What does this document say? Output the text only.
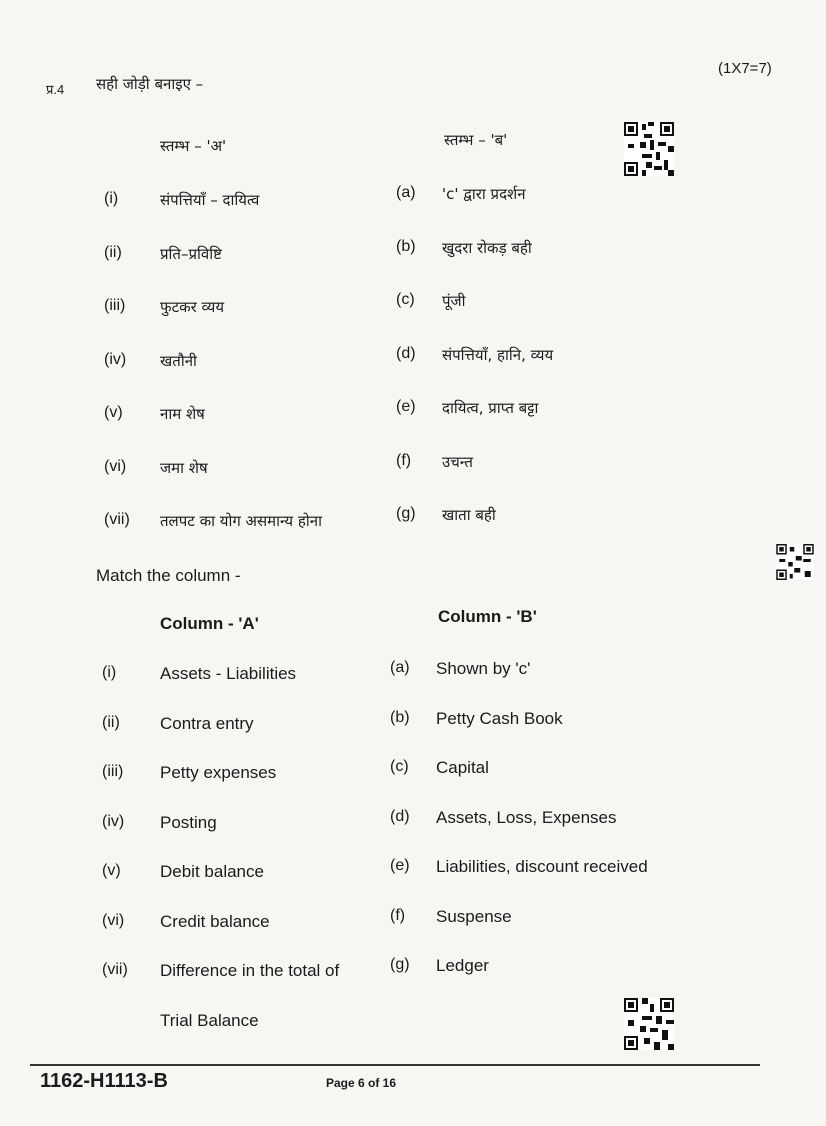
प्र.4 सही जोड़ी बनाइए –
(1X7=7)
स्तम्भ – 'अ'	स्तम्भ – 'ब'
(i)	संपत्तियाँ – दायित्व	(a) 'c' द्वारा प्रदर्शन
(ii)	प्रति–प्रविष्टि	(b) खुदरा रोकड़ बही
(iii) फुटकर व्यय	(c) पूंजी
(iv) खतौनी	(d) संपत्तियाँ, हानि, व्यय
(v) नाम शेष	(e) दायित्व, प्राप्त बट्टा
(vi) जमा शेष	(f) उचन्त
(vii) तलपट का योग असमान्य होना	(g) खाता बही
Match the column -
Column - 'A'	Column - 'B'
(i)	Assets - Liabilities	(a) Shown by 'c'
(ii) Contra entry	(b) Petty Cash Book
(iii) Petty expenses	(c) Capital
(iv) Posting	(d) Assets, Loss, Expenses
(v) Debit balance	(e) Liabilities, discount received
(vi) Credit balance	(f) Suspense
(vii) Difference in the total of	(g) Ledger
Trial Balance
1162-H1113-B	Page 6 of 16
